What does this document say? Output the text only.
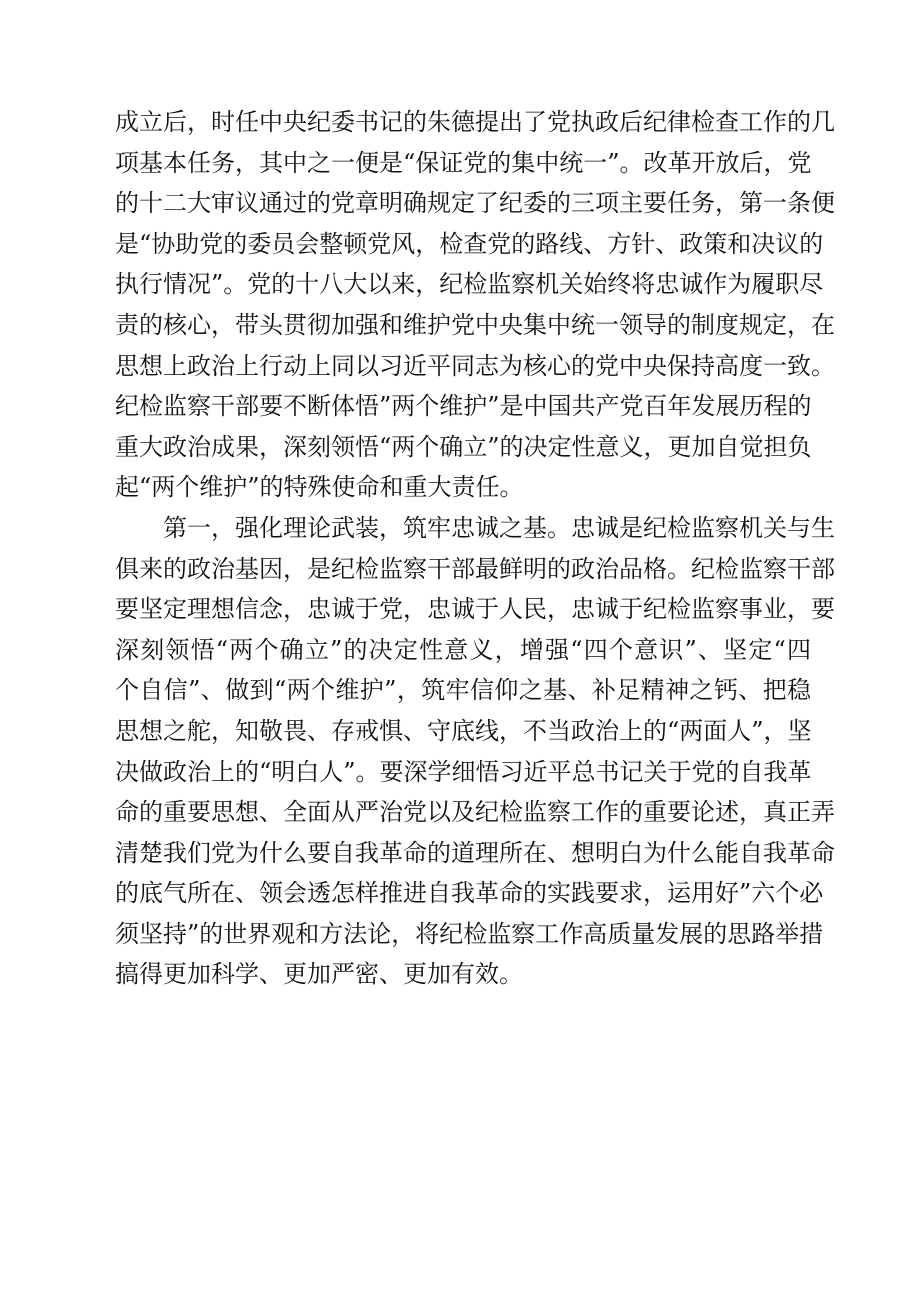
成立后，时任中央纪委书记的朱德提出了党执政后纪律检查工作的几
项基本任务，其中之一便是“保证党的集中统一”。改革开放后，党
的十二大审议通过的党章明确规定了纪委的三项主要任务，第一条便
是“协助党的委员会整顿党风，检查党的路线、方针、政策和决议的
执行情况”。党的十八大以来，纪检监察机关始终将忠诚作为履职尽
责的核心，带头贯彻加强和维护党中央集中统一领导的制度规定，在
思想上政治上行动上同以习近平同志为核心的党中央保持高度一致。
纪检监察干部要不断体悟”两个维护”是中国共产党百年发展历程的
重大政治成果，深刻领悟“两个确立”的决定性意义，更加自觉担负
起“两个维护”的特殊使命和重大责任。
第一，强化理论武装，筑牢忠诚之基。忠诚是纪检监察机关与生
俱来的政治基因，是纪检监察干部最鲜明的政治品格。纪检监察干部
要坚定理想信念，忠诚于党，忠诚于人民，忠诚于纪检监察事业，要
深刻领悟“两个确立”的决定性意义，增强“四个意识”、坚定“四
个自信”、做到“两个维护”，筑牢信仰之基、补足精神之钙、把稳
思想之舵，知敬畏、存戒惧、守底线，不当政治上的“两面人”，坚
决做政治上的“明白人”。要深学细悟习近平总书记关于党的自我革
命的重要思想、全面从严治党以及纪检监察工作的重要论述，真正弄
清楚我们党为什么要自我革命的道理所在、想明白为什么能自我革命
的底气所在、领会透怎样推进自我革命的实践要求，运用好”六个必
须坚持”的世界观和方法论，将纪检监察工作高质量发展的思路举措
搞得更加科学、更加严密、更加有效。
